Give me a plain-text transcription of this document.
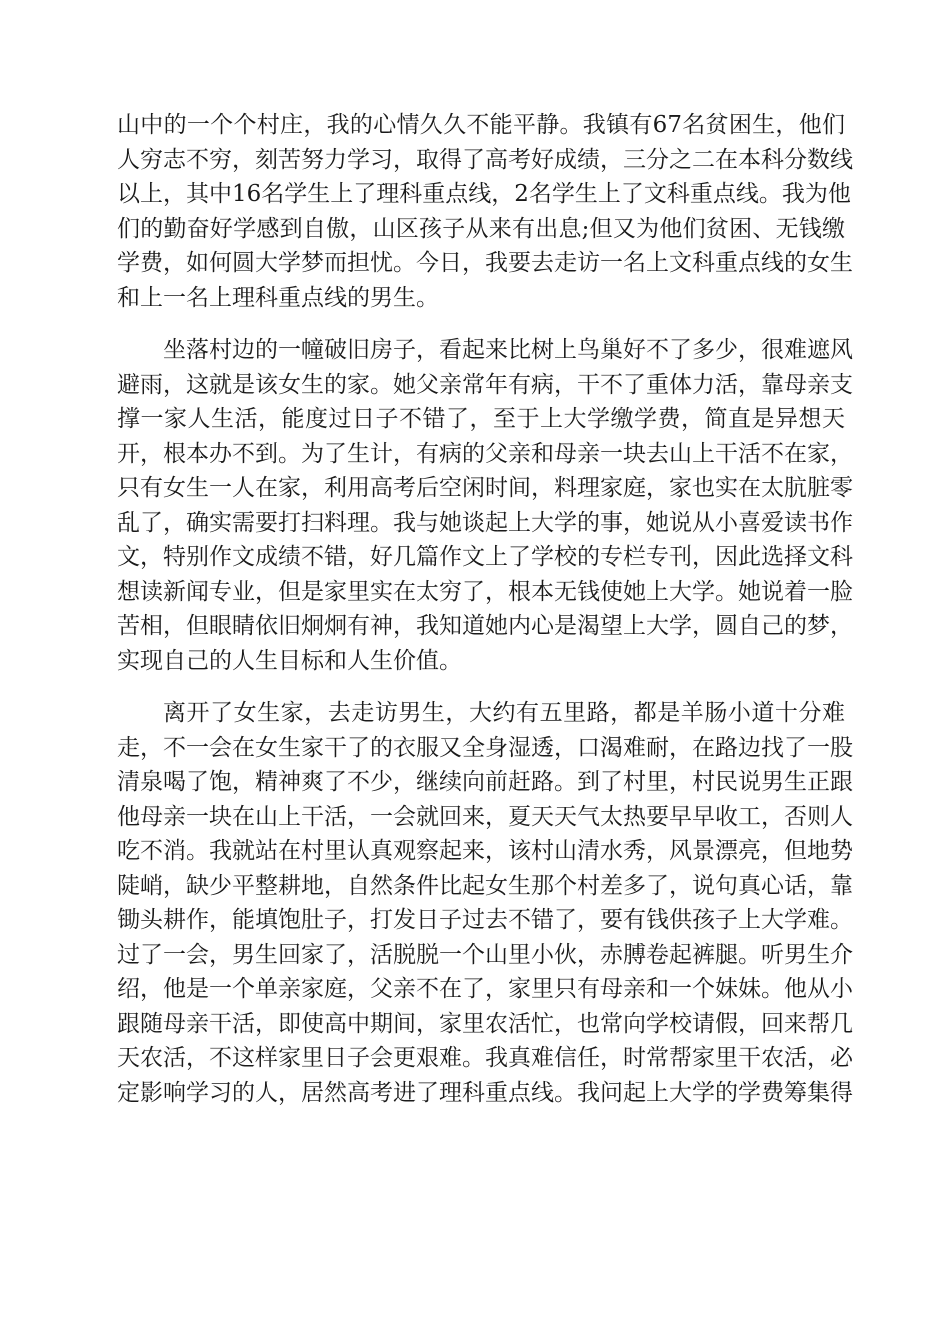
山中的一个个村庄，我的心情久久不能平静。我镇有67名贫困生，他们
人穷志不穷，刻苦努力学习，取得了高考好成绩，三分之二在本科分数线
以上，其中16名学生上了理科重点线，2名学生上了文科重点线。我为他
们的勤奋好学感到自傲，山区孩子从来有出息;但又为他们贫困、无钱缴
学费，如何圆大学梦而担忧。今日，我要去走访一名上文科重点线的女生
和上一名上理科重点线的男生。
坐落村边的一幢破旧房子，看起来比树上鸟巢好不了多少，很难遮风
避雨，这就是该女生的家。她父亲常年有病，干不了重体力活，靠母亲支
撑一家人生活，能度过日子不错了，至于上大学缴学费，简直是异想天
开，根本办不到。为了生计，有病的父亲和母亲一块去山上干活不在家，
只有女生一人在家，利用高考后空闲时间，料理家庭，家也实在太肮脏零
乱了，确实需要打扫料理。我与她谈起上大学的事，她说从小喜爱读书作
文，特别作文成绩不错，好几篇作文上了学校的专栏专刊，因此选择文科
想读新闻专业，但是家里实在太穷了，根本无钱使她上大学。她说着一脸
苦相，但眼睛依旧炯炯有神，我知道她内心是渴望上大学，圆自己的梦，
实现自己的人生目标和人生价值。
离开了女生家，去走访男生，大约有五里路，都是羊肠小道十分难
走，不一会在女生家干了的衣服又全身湿透，口渴难耐，在路边找了一股
清泉喝了饱，精神爽了不少，继续向前赶路。到了村里，村民说男生正跟
他母亲一块在山上干活，一会就回来，夏天天气太热要早早收工，否则人
吃不消。我就站在村里认真观察起来，该村山清水秀，风景漂亮，但地势
陡峭，缺少平整耕地，自然条件比起女生那个村差多了，说句真心话，靠
锄头耕作，能填饱肚子，打发日子过去不错了，要有钱供孩子上大学难。
过了一会，男生回家了，活脱脱一个山里小伙，赤膊卷起裤腿。听男生介
绍，他是一个单亲家庭，父亲不在了，家里只有母亲和一个妹妹。他从小
跟随母亲干活，即使高中期间，家里农活忙，也常向学校请假，回来帮几
天农活，不这样家里日子会更艰难。我真难信任，时常帮家里干农活，必
定影响学习的人，居然高考进了理科重点线。我问起上大学的学费筹集得
